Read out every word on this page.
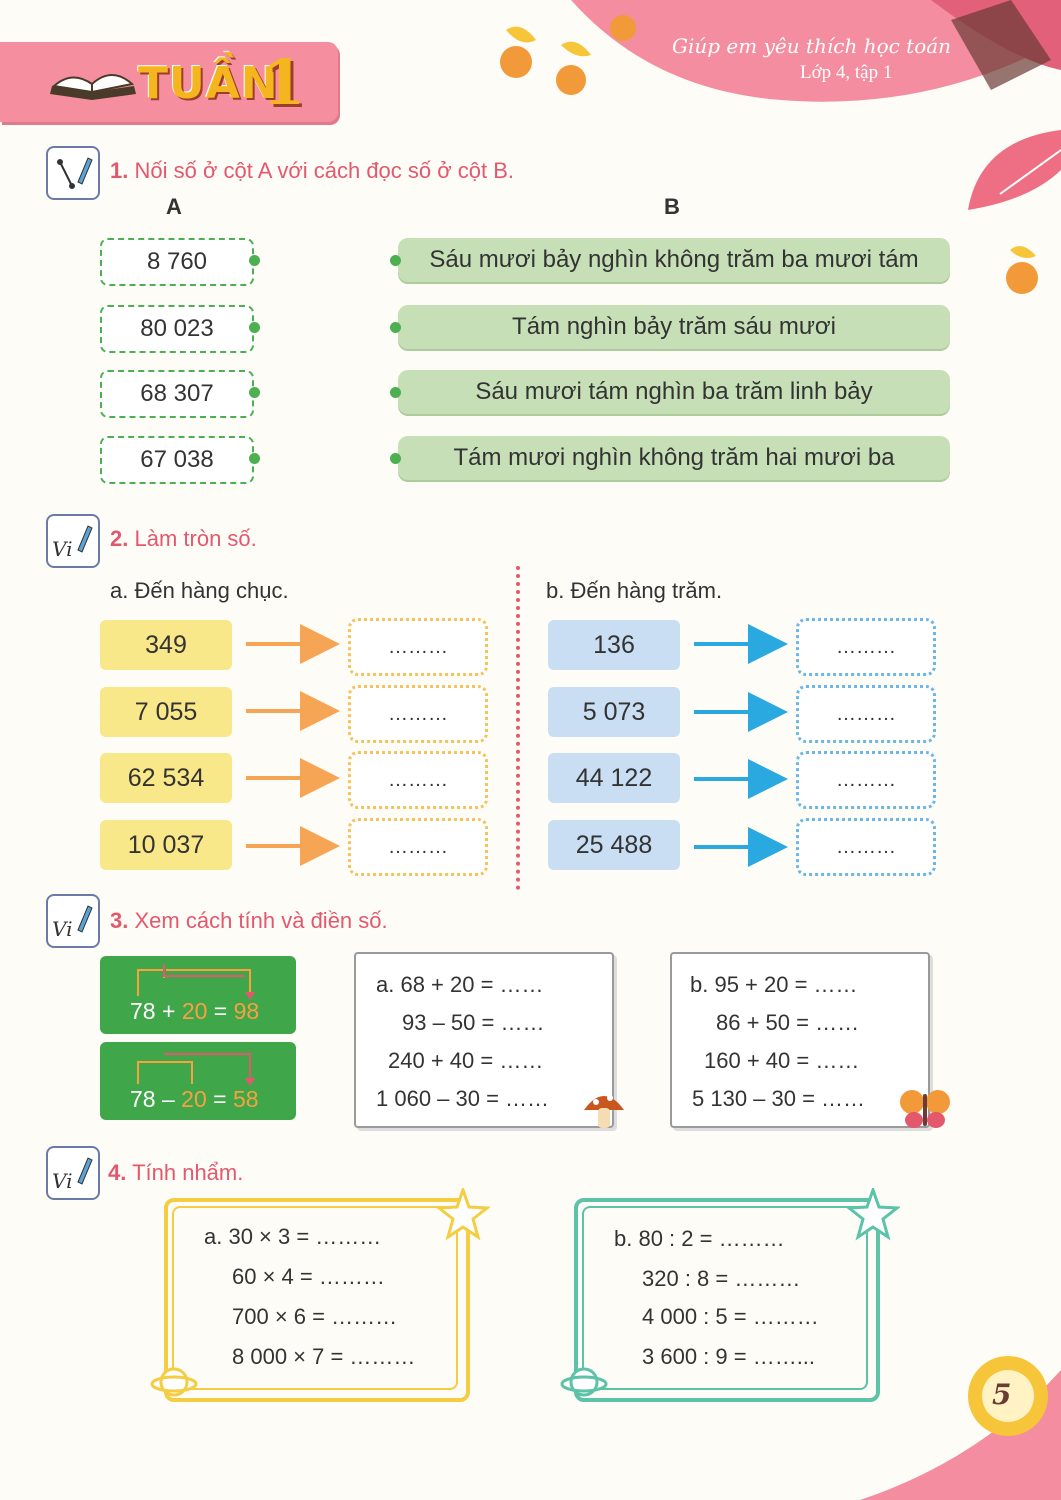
Giúp em yêu thích học toán
Lớp 4, tập 1
TUẦN
1
1. Nối số ở cột A với cách đọc số ở cột B.
A	B
8 760
80 023
68 307
67 038
Sáu mươi bảy nghìn không trăm ba mươi tám
Tám nghìn bảy trăm sáu mươi
Sáu mươi tám nghìn ba trăm linh bảy
Tám mươi nghìn không trăm hai mươi ba
Vi 2. Làm tròn số.
a. Đến hàng chục.	b. Đến hàng trăm.
349
7 055
62 534
10 037
………
………
………
………
136
5 073
44 122
25 488
………
………
………
………
Vi 3. Xem cách tính và điền số.
78 + 20 = 98
78 – 20 = 58
a. 68 + 20 = ……
93 – 50 = ……
240 + 40 = ……
1 060 – 30 = ……
b. 95 + 20 = ……
86 + 50 = ……
160 + 40 = ……
5 130 – 30 = ……
Vi 4. Tính nhẩm.
a. 30 × 3 = ………
60 × 4 = ………
700 × 6 = ………
8 000 × 7 = ………
b. 80 : 2 = ………
320 : 8 = ………
4 000 : 5 = ………
3 600 : 9 = ……...
5
